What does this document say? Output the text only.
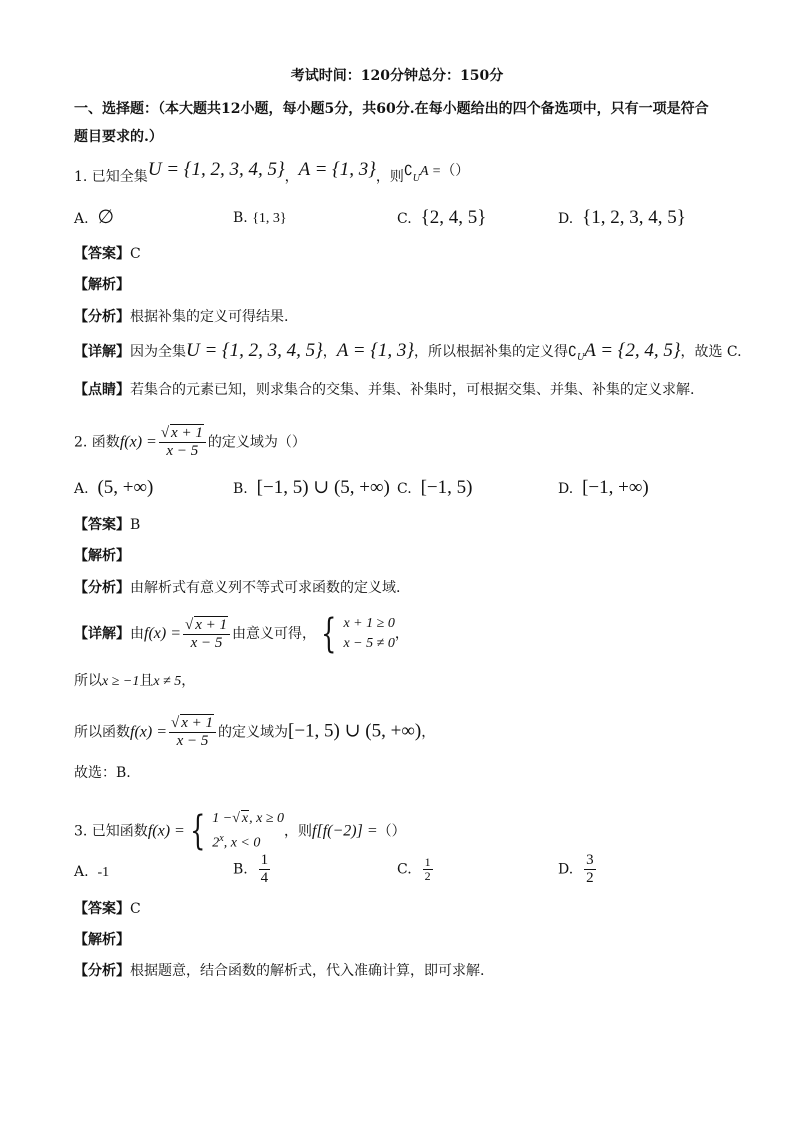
考试时间：120分钟总分：150分
一、选择题：（本大题共12小题，每小题5分，共60分.在每小题给出的四个备选项中，只有一项是符合
题目要求的.）
1. 已知全集U = {1, 2, 3, 4, 5}，A = {1, 3}，则$∁_UA$ =（）
A. ∅	B. {1, 3}	C. {2, 4, 5}	D. {1, 2, 3, 4, 5}
【答案】C
【解析】
【分析】根据补集的定义可得结果.
【详解】因为全集U = {1, 2, 3, 4, 5}，A = {1, 3}，所以根据补集的定义得$∁_UA = \{2$, 4, 5}，故选 C.
【点睛】若集合的元素已知，则求集合的交集、并集、补集时，可根据交集、并集、补集的定义求解.
2. 函数$f(x) = \frac{√ x + 1}{x - 5}$ 的定义域为（）
A. (5, +∞)	B. [−1, 5) ∪ (5, +∞) C. [−1, 5)	D. [−1, +∞)
【答案】B
【解析】
【分析】由解析式有意义列不等式可求函数的定义域.
【详解】由$f(x) = \frac{√ x + 1}{x - 5}$ 由意义可得， { x + 1 ≥ 0
x − 5 ≠ 0
，
所以x ≥ −1且x ≠ 5，
所以函数$f(x) = \frac{√ x + 1}{x - 5}$ 的定义域为[−1, 5) ∪ (5, +∞)，
故选：B.
3. 已知函数f(x) = { 1 −√ x, x ≥ 0
2$^x$, x < 0
，则f[f(−2)] =（）
A. -1	B. $\frac{1}{4}$	C. $\frac{1}{2}$	D. $\frac{3}{2}$
【答案】C
【解析】
【分析】根据题意，结合函数的解析式，代入准确计算，即可求解.
